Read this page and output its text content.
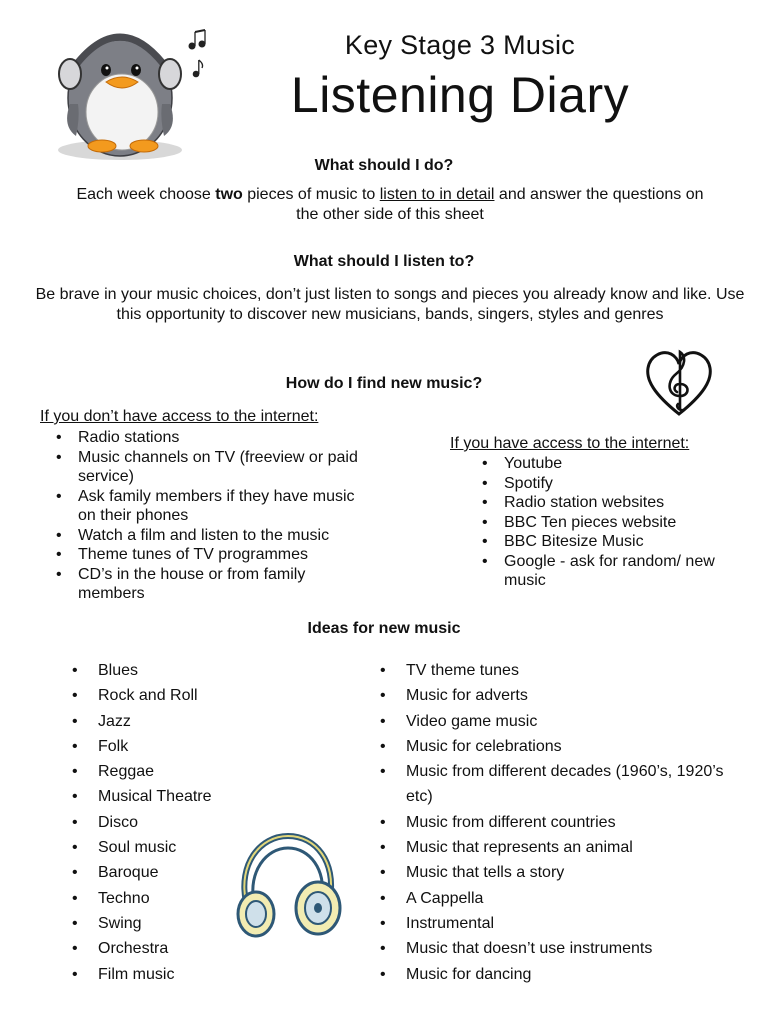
Key Stage 3 Music
Listening Diary
What should I do?
Each week choose two pieces of music to listen to in detail and answer the questions on the other side of this sheet
What should I listen to?
Be brave in your music choices, don’t just listen to songs and pieces you already know and like. Use this opportunity to discover new musicians, bands, singers, styles and genres
How do I find new music?
If you don’t have access to the internet:
• Radio stations
• Music channels on TV (freeview or paid service)
• Ask family members if they have music on their phones
• Watch a film and listen to the music
• Theme tunes of TV programmes
• CD’s in the house or from family members
If you have access to the internet:
• Youtube
• Spotify
• Radio station websites
• BBC Ten pieces website
• BBC Bitesize Music
• Google - ask for random/ new music
Ideas for new music
• Blues
• Rock and Roll
• Jazz
• Folk
• Reggae
• Musical Theatre
• Disco
• Soul music
• Baroque
• Techno
• Swing
• Orchestra
• Film music
• TV theme tunes
• Music for adverts
• Video game music
• Music for celebrations
• Music from different decades (1960’s, 1920’s etc)
• Music from different countries
• Music that represents an animal
• Music that tells a story
• A Cappella
• Instrumental
• Music that doesn’t use instruments
• Music for dancing
